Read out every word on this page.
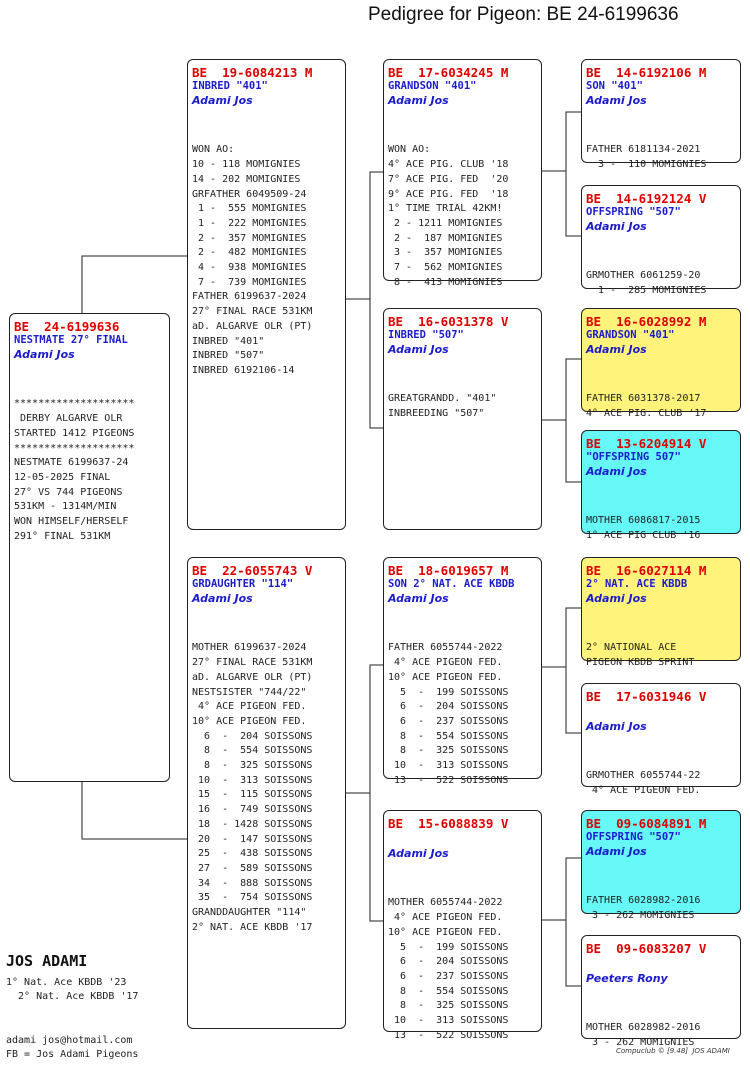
Pedigree for Pigeon: BE 24-6199636
BE  24-6199636
NESTMATE 27° FINAL
Adami Jos

********************
DERBY ALGARVE OLR
STARTED 1412 PIGEONS
********************
NESTMATE 6199637-24
12-05-2025 FINAL
27° VS 744 PIGEONS
531KM - 1314M/MIN
WON HIMSELF/HERSELF
291° FINAL 531KM

BE  19-6084213 M
INBRED "401"
Adami Jos

WON AO:
10 - 118 MOMIGNIES
14 - 202 MOMIGNIES
GRFATHER 6049509-24
1 -  555 MOMIGNIES
1 -  222 MOMIGNIES
2 -  357 MOMIGNIES
2 -  482 MOMIGNIES
4 -  938 MOMIGNIES
7 -  739 MOMIGNIES
FATHER 6199637-2024
27° FINAL RACE 531KM
aD. ALGARVE OLR (PT)
INBRED "401"
INBRED "507"
INBRED 6192106-14

BE  22-6055743 V
GRDAUGHTER "114"
Adami Jos

MOTHER 6199637-2024
27° FINAL RACE 531KM
aD. ALGARVE OLR (PT)
NESTSISTER "744/22"
4° ACE PIGEON FED.
10° ACE PIGEON FED.
6  -  204 SOISSONS
8  -  554 SOISSONS
8  -  325 SOISSONS
10  -  313 SOISSONS
15  -  115 SOISSONS
16  -  749 SOISSONS
18  - 1428 SOISSONS
20  -  147 SOISSONS
25  -  438 SOISSONS
27  -  589 SOISSONS
34  -  888 SOISSONS
35  -  754 SOISSONS
GRANDDAUGHTER "114"
2° NAT. ACE KBDB '17

BE  17-6034245 M
GRANDSON "401"
Adami Jos

WON AO:
4° ACE PIG. CLUB '18
7° ACE PIG. FED  '20
9° ACE PIG. FED  '18
1° TIME TRIAL 42KM!
2 - 1211 MOMIGNIES
2 -  187 MOMIGNIES
3 -  357 MOMIGNIES
7 -  562 MOMIGNIES
8 -  413 MOMIGNIES

BE  16-6031378 V
INBRED "507"
Adami Jos

GREATGRANDD. "401"
INBREEDING "507"

BE  18-6019657 M
SON 2° NAT. ACE KBDB
Adami Jos

FATHER 6055744-2022
4° ACE PIGEON FED.
10° ACE PIGEON FED.
5  -  199 SOISSONS
6  -  204 SOISSONS
6  -  237 SOISSONS
8  -  554 SOISSONS
8  -  325 SOISSONS
10  -  313 SOISSONS
13  -  522 SOISSONS

BE  15-6088839 V
Adami Jos

MOTHER 6055744-2022
4° ACE PIGEON FED.
10° ACE PIGEON FED.
5  -  199 SOISSONS
6  -  204 SOISSONS
6  -  237 SOISSONS
8  -  554 SOISSONS
8  -  325 SOISSONS
10  -  313 SOISSONS
13  -  522 SOISSONS

BE  14-6192106 M
SON "401"
Adami Jos

FATHER 6181134-2021
3 -  110 MOMIGNIES

BE  14-6192124 V
OFFSPRING "507"
Adami Jos

GRMOTHER 6061259-20
1 -  285 MOMIGNIES

BE  16-6028992 M
GRANDSON "401"
Adami Jos

FATHER 6031378-2017
4° ACE PIG. CLUB '17

BE  13-6204914 V
"OFFSPRING 507"
Adami Jos

MOTHER 6086817-2015
1° ACE PIG CLUB '16

BE  16-6027114 M
2° NAT. ACE KBDB
Adami Jos

2° NATIONAL ACE
PIGEON KBDB SPRINT

BE  17-6031946 V
Adami Jos

GRMOTHER 6055744-22
4° ACE PIGEON FED.

BE  09-6084891 M
OFFSPRING "507"
Adami Jos

FATHER 6028982-2016
3 - 262 MOMIGNIES

BE  09-6083207 V
Peeters Rony

MOTHER 6028982-2016
3 - 262 MOMIGNIES

JOS ADAMI
1° Nat. Ace KBDB '23
2° Nat. Ace KBDB '17
adami jos@hotmail.com
FB = Jos Adami Pigeons	Compuclub © [9.48]  JOS ADAMI
